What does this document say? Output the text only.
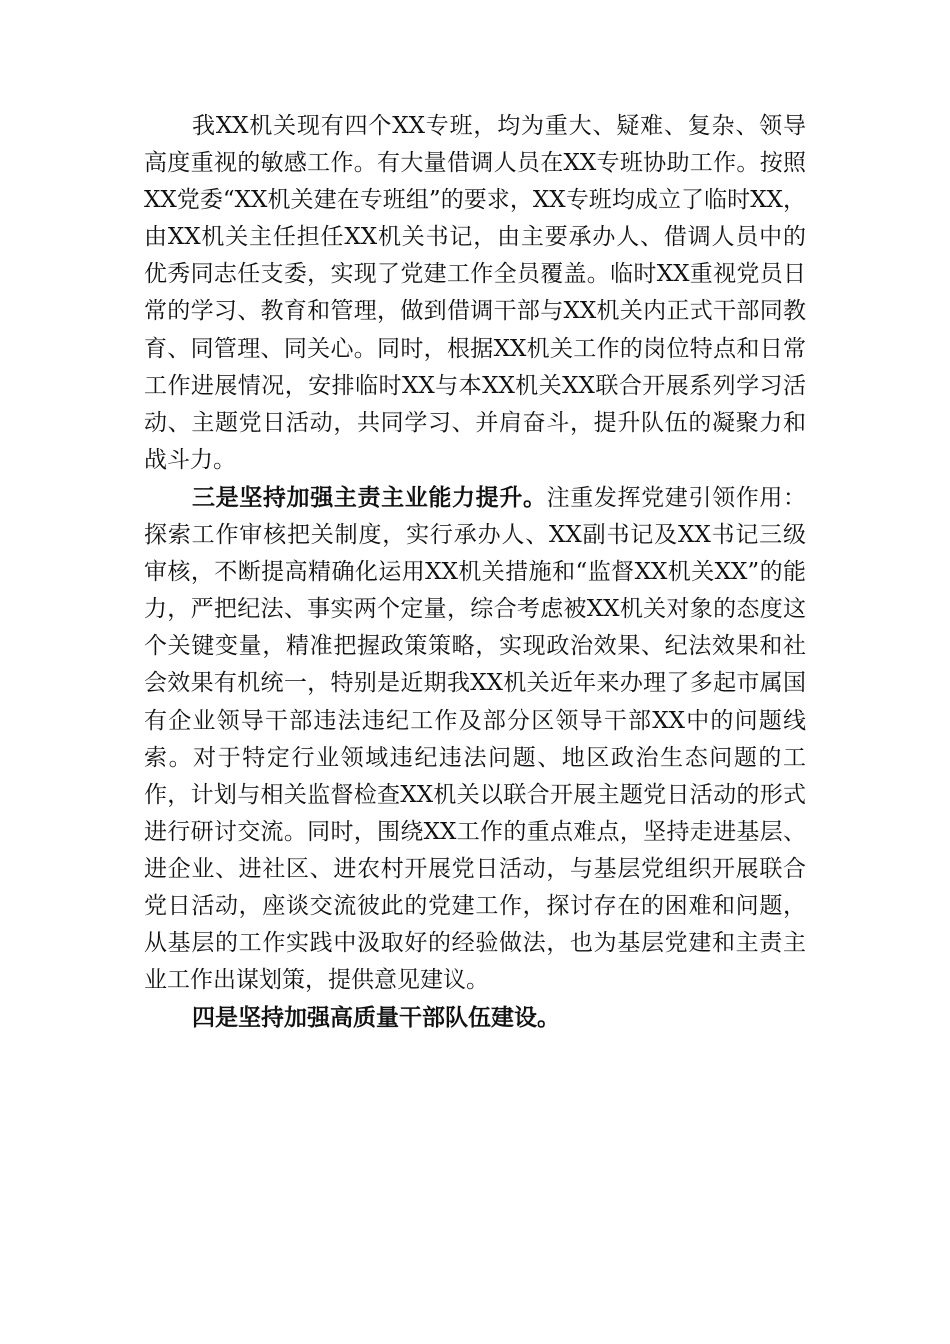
我XX机关现有四个XX专班，均为重大、疑难、复杂、领导高度重视的敏感工作。有大量借调人员在XX专班协助工作。按照XX党委“XX机关建在专班组”的要求，XX专班均成立了临时XX，由XX机关主任担任XX机关书记，由主要承办人、借调人员中的优秀同志任支委，实现了党建工作全员覆盖。临时XX重视党员日常的学习、教育和管理，做到借调干部与XX机关内正式干部同教育、同管理、同关心。同时，根据XX机关工作的岗位特点和日常工作进展情况，安排临时XX与本XX机关XX联合开展系列学习活动、主题党日活动，共同学习、并肩奋斗，提升队伍的凝聚力和战斗力。

三是坚持加强主责主业能力提升。注重发挥党建引领作用：探索工作审核把关制度，实行承办人、XX副书记及XX书记三级审核，不断提高精确化运用XX机关措施和“监督XX机关XX”的能力，严把纪法、事实两个定量，综合考虑被XX机关对象的态度这个关键变量，精准把握政策策略，实现政治效果、纪法效果和社会效果有机统一，特别是近期我XX机关近年来办理了多起市属国有企业领导干部违法违纪工作及部分区领导干部XX中的问题线索。对于特定行业领域违纪违法问题、地区政治生态问题的工作，计划与相关监督检查XX机关以联合开展主题党日活动的形式进行研讨交流。同时，围绕XX工作的重点难点，坚持走进基层、进企业、进社区、进农村开展党日活动，与基层党组织开展联合党日活动，座谈交流彼此的党建工作，探讨存在的困难和问题，从基层的工作实践中汲取好的经验做法，也为基层党建和主责主业工作出谋划策，提供意见建议。

四是坚持加强高质量干部队伍建设。
